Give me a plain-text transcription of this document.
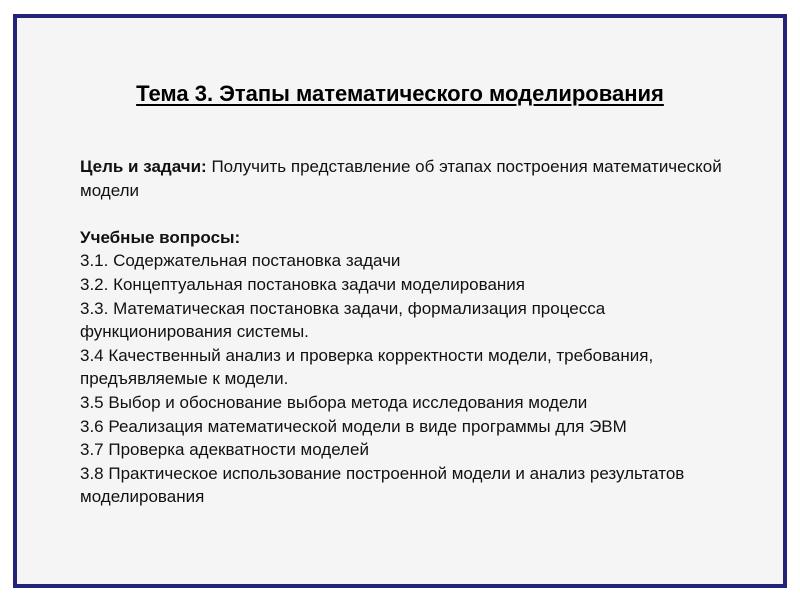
Тема 3. Этапы математического моделирования

Цель и задачи: Получить представление об этапах построения математической модели

Учебные вопросы:

3.1. Содержательная постановка задачи

3.2. Концептуальная постановка задачи моделирования

3.3. Математическая постановка задачи, формализация процесса функционирования системы.

3.4 Качественный анализ и проверка корректности модели, требования, предъявляемые к модели.

3.5 Выбор и обоснование выбора метода исследования модели

3.6 Реализация математической модели в виде программы для ЭВМ

3.7 Проверка адекватности моделей

3.8 Практическое использование построенной модели и анализ результатов моделирования
